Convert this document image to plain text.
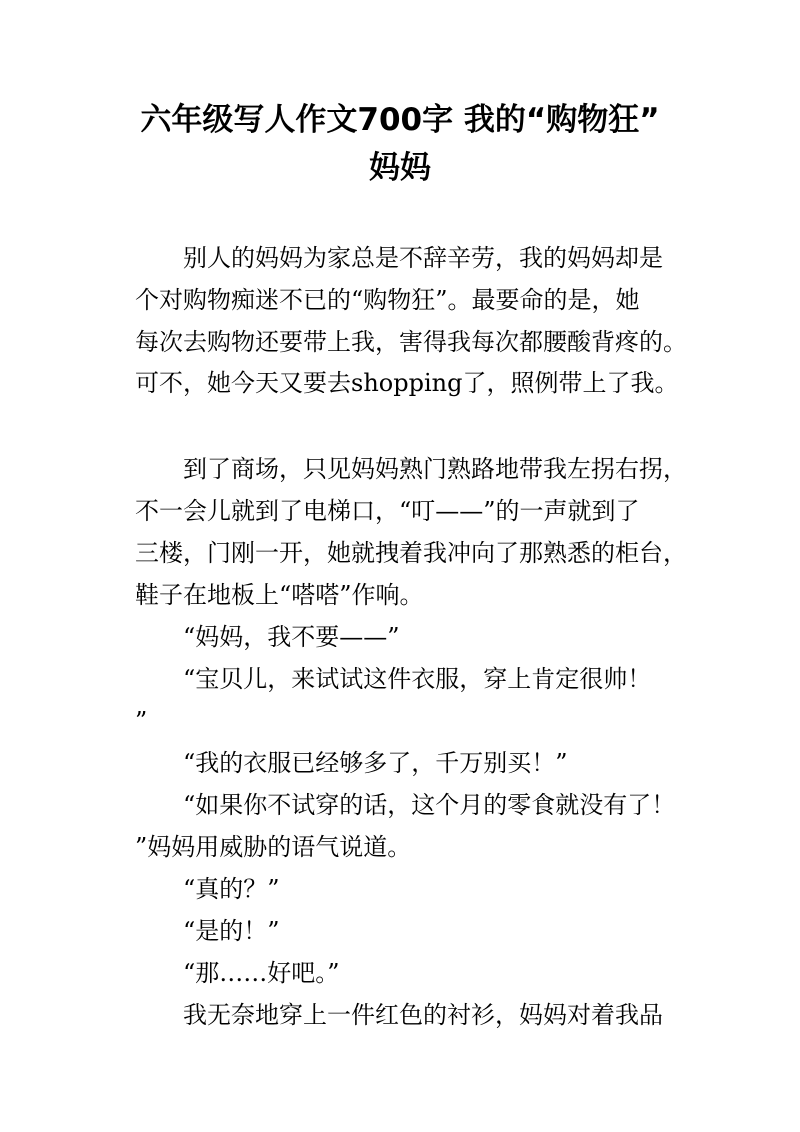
六年级写人作文700字 我的“购物狂”
妈妈
别人的妈妈为家总是不辞辛劳，我的妈妈却是
个对购物痴迷不已的“购物狂”。最要命的是，她
每次去购物还要带上我，害得我每次都腰酸背疼的。
可不，她今天又要去shopping了，照例带上了我。
到了商场，只见妈妈熟门熟路地带我左拐右拐，
不一会儿就到了电梯口，“叮——”的一声就到了
三楼，门刚一开，她就拽着我冲向了那熟悉的柜台，
鞋子在地板上“嗒嗒”作响。
“妈妈，我不要——”
“宝贝儿，来试试这件衣服，穿上肯定很帅！
”
“我的衣服已经够多了，千万别买！”
“如果你不试穿的话，这个月的零食就没有了！
”妈妈用威胁的语气说道。
“真的？”
“是的！”
“那……好吧。”
我无奈地穿上一件红色的衬衫，妈妈对着我品
